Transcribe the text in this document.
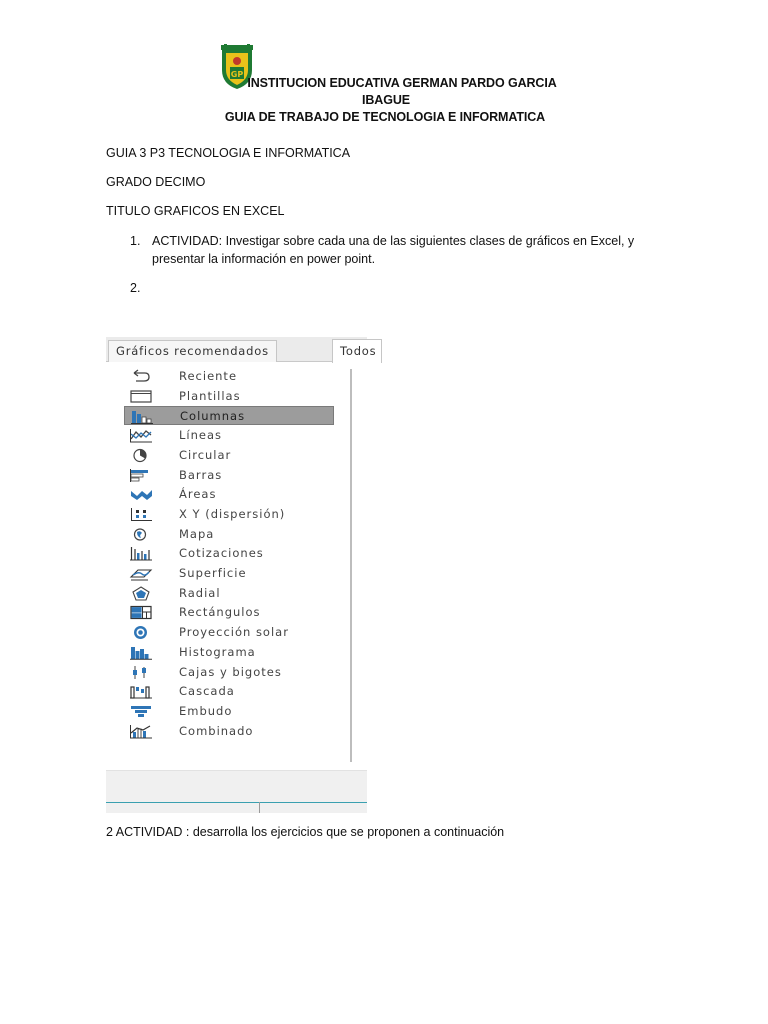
GP
INSTITUCION EDUCATIVA GERMAN PARDO GARCIA
IBAGUE
GUIA DE TRABAJO DE TECNOLOGIA E INFORMATICA
GUIA 3 P3 TECNOLOGIA E INFORMATICA
GRADO DECIMO
TITULO GRAFICOS EN EXCEL
1. ACTIVIDAD: Investigar sobre cada una de las siguientes clases de gráficos en Excel, y presentar la información en power point.
2.
Gráficos recomendados	Todos
Reciente
Plantillas
Columnas
Líneas
Circular
Barras
Áreas
X Y (dispersión)
Mapa
Cotizaciones
Superficie
Radial
Rectángulos
Proyección solar
Histograma
Cajas y bigotes
Cascada
Embudo
Combinado
2 ACTIVIDAD : desarrolla los ejercicios que se proponen a continuación
